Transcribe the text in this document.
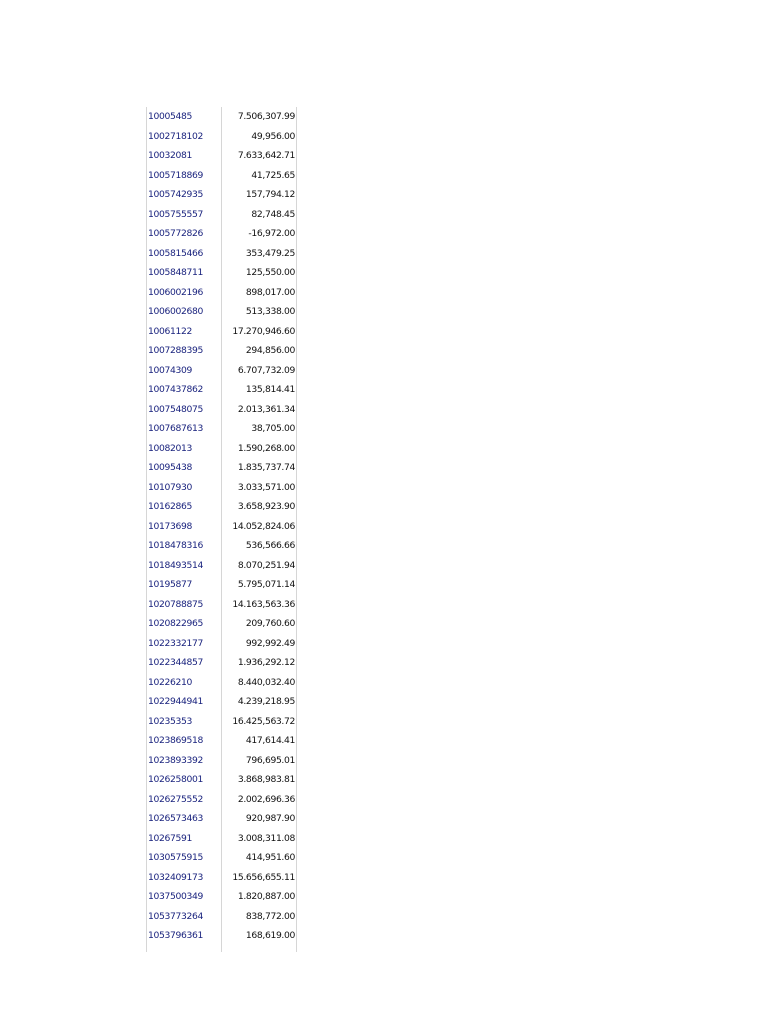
10005485	7.506,307.99
1002718102	49,956.00
10032081	7.633,642.71
1005718869	41,725.65
1005742935	157,794.12
1005755557	82,748.45
1005772826	-16,972.00
1005815466	353,479.25
1005848711	125,550.00
1006002196	898,017.00
1006002680	513,338.00
10061122	17.270,946.60
1007288395	294,856.00
10074309	6.707,732.09
1007437862	135,814.41
1007548075	2.013,361.34
1007687613	38,705.00
10082013	1.590,268.00
10095438	1.835,737.74
10107930	3.033,571.00
10162865	3.658,923.90
10173698	14.052,824.06
1018478316	536,566.66
1018493514	8.070,251.94
10195877	5.795,071.14
1020788875	14.163,563.36
1020822965	209,760.60
1022332177	992,992.49
1022344857	1.936,292.12
10226210	8.440,032.40
1022944941	4.239,218.95
10235353	16.425,563.72
1023869518	417,614.41
1023893392	796,695.01
1026258001	3.868,983.81
1026275552	2.002,696.36
1026573463	920,987.90
10267591	3.008,311.08
1030575915	414,951.60
1032409173	15.656,655.11
1037500349	1.820,887.00
1053773264	838,772.00
1053796361	168,619.00
